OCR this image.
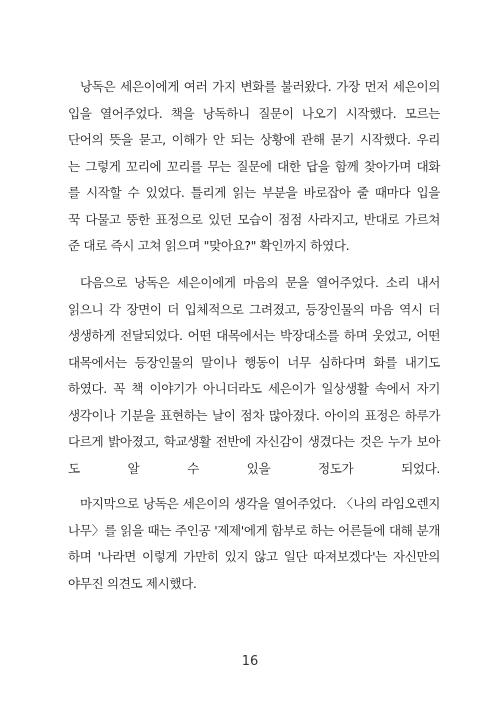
낭독은 세은이에게 여러 가지 변화를 불러왔다. 가장 먼저 세은이의
입을 열어주었다. 책을 낭독하니 질문이 나오기 시작했다. 모르는
단어의 뜻을 묻고, 이해가 안 되는 상황에 관해 묻기 시작했다. 우리
는 그렇게 꼬리에 꼬리를 무는 질문에 대한 답을 함께 찾아가며 대화
를 시작할 수 있었다. 틀리게 읽는 부분을 바로잡아 줄 때마다 입을
꾹 다물고 뚱한 표정으로 있던 모습이 점점 사라지고, 반대로 가르쳐
준 대로 즉시 고쳐 읽으며 "맞아요?" 확인까지 하였다.
다음으로 낭독은 세은이에게 마음의 문을 열어주었다. 소리 내서
읽으니 각 장면이 더 입체적으로 그려졌고, 등장인물의 마음 역시 더
생생하게 전달되었다. 어떤 대목에서는 박장대소를 하며 웃었고, 어떤
대목에서는 등장인물의 말이나 행동이 너무 심하다며 화를 내기도
하였다. 꼭 책 이야기가 아니더라도 세은이가 일상생활 속에서 자기
생각이나 기분을 표현하는 날이 점차 많아졌다. 아이의 표정은 하루가
다르게 밝아졌고, 학교생활 전반에 자신감이 생겼다는 것은 누가 보아
도 알 수 있을 정도가 되었다.
마지막으로 낭독은 세은이의 생각을 열어주었다. 〈나의 라임오렌지
나무〉를 읽을 때는 주인공 '제제'에게 함부로 하는 어른들에 대해 분개
하며 '나라면 이렇게 가만히 있지 않고 일단 따져보겠다'는 자신만의
야무진 의견도 제시했다.
16
